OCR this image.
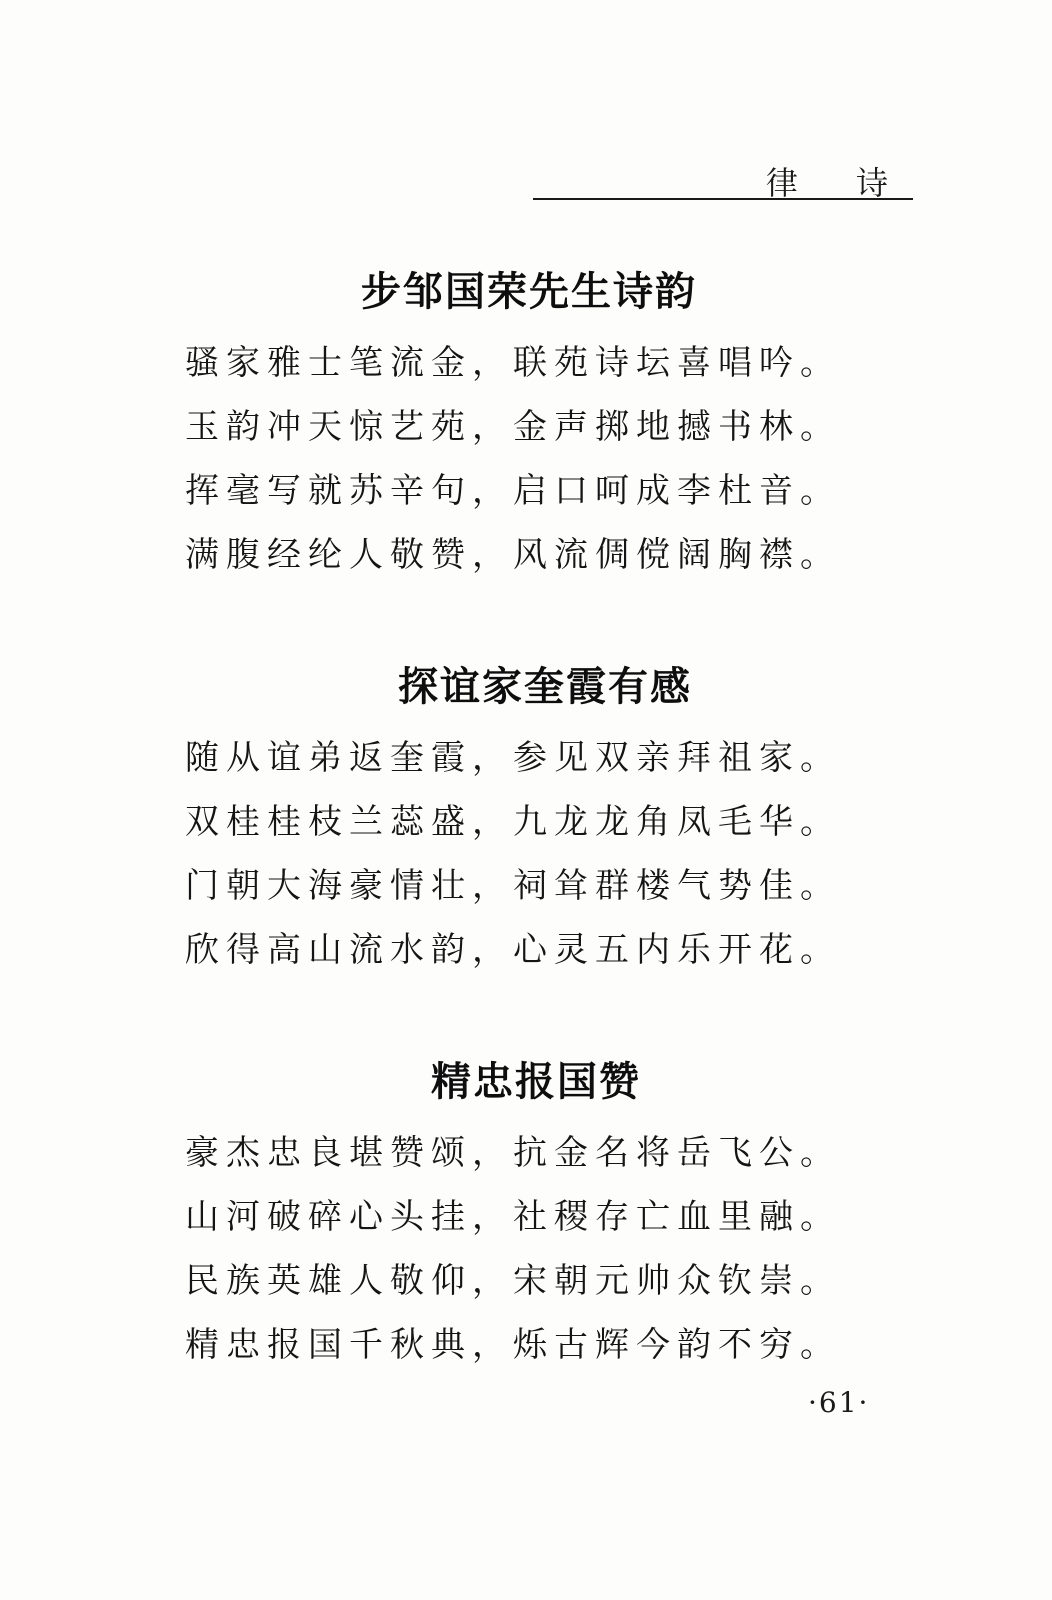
律 诗
步邹国荣先生诗韵
骚家雅士笔流金，联苑诗坛喜唱吟。
玉韵冲天惊艺苑，金声掷地撼书林。
挥毫写就苏辛句，启口呵成李杜音。
满腹经纶人敬赞，风流倜傥阔胸襟。
探谊家奎霞有感
随从谊弟返奎霞，参见双亲拜祖家。
双桂桂枝兰蕊盛，九龙龙角凤毛华。
门朝大海豪情壮，祠耸群楼气势佳。
欣得高山流水韵，心灵五内乐开花。
精忠报国赞
豪杰忠良堪赞颂，抗金名将岳飞公。
山河破碎心头挂，社稷存亡血里融。
民族英雄人敬仰，宋朝元帅众钦崇。
精忠报国千秋典，烁古辉今韵不穷。
·61·
